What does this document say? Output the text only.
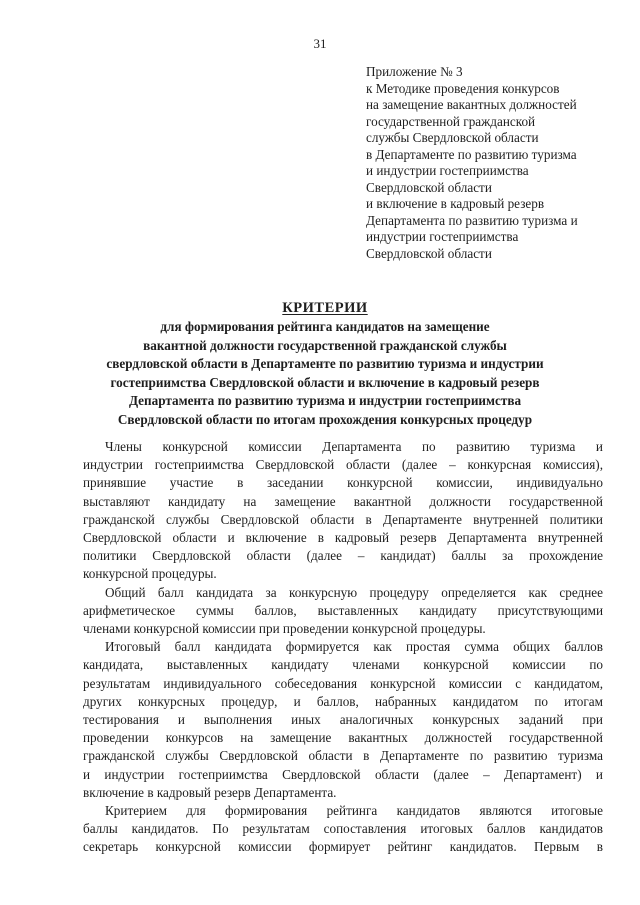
31
Приложение № 3
к Методике проведения конкурсов
на замещение вакантных должностей
государственной гражданской
службы Свердловской области
в Департаменте по развитию туризма
и индустрии гостеприимства
Свердловской области
и включение в кадровый резерв
Департамента по развитию туризма и
индустрии гостеприимства
Свердловской области
КРИТЕРИИ
для формирования рейтинга кандидатов на замещение
вакантной должности государственной гражданской службы
свердловской области в Департаменте по развитию туризма и индустрии
гостеприимства Свердловской области и включение в кадровый резерв
Департамента по развитию туризма и индустрии гостеприимства
Свердловской области по итогам прохождения конкурсных процедур
Члены конкурсной комиссии Департамента по развитию туризма и
индустрии гостеприимства Свердловской области (далее – конкурсная комиссия),
принявшие участие в заседании конкурсной комиссии, индивидуально
выставляют кандидату на замещение вакантной должности государственной
гражданской службы Свердловской области в Департаменте внутренней политики
Свердловской области и включение в кадровый резерв Департамента внутренней
политики Свердловской области (далее – кандидат) баллы за прохождение
конкурсной процедуры.
Общий балл кандидата за конкурсную процедуру определяется как среднее
арифметическое суммы баллов, выставленных кандидату присутствующими
членами конкурсной комиссии при проведении конкурсной процедуры.
Итоговый балл кандидата формируется как простая сумма общих баллов
кандидата, выставленных кандидату членами конкурсной комиссии по
результатам индивидуального собеседования конкурсной комиссии с кандидатом,
других конкурсных процедур, и баллов, набранных кандидатом по итогам
тестирования и выполнения иных аналогичных конкурсных заданий при
проведении конкурсов на замещение вакантных должностей государственной
гражданской службы Свердловской области в Департаменте по развитию туризма
и индустрии гостеприимства Свердловской области (далее – Департамент) и
включение в кадровый резерв Департамента.
Критерием для формирования рейтинга кандидатов являются итоговые
баллы кандидатов. По результатам сопоставления итоговых баллов кандидатов
секретарь конкурсной комиссии формирует рейтинг кандидатов. Первым в
